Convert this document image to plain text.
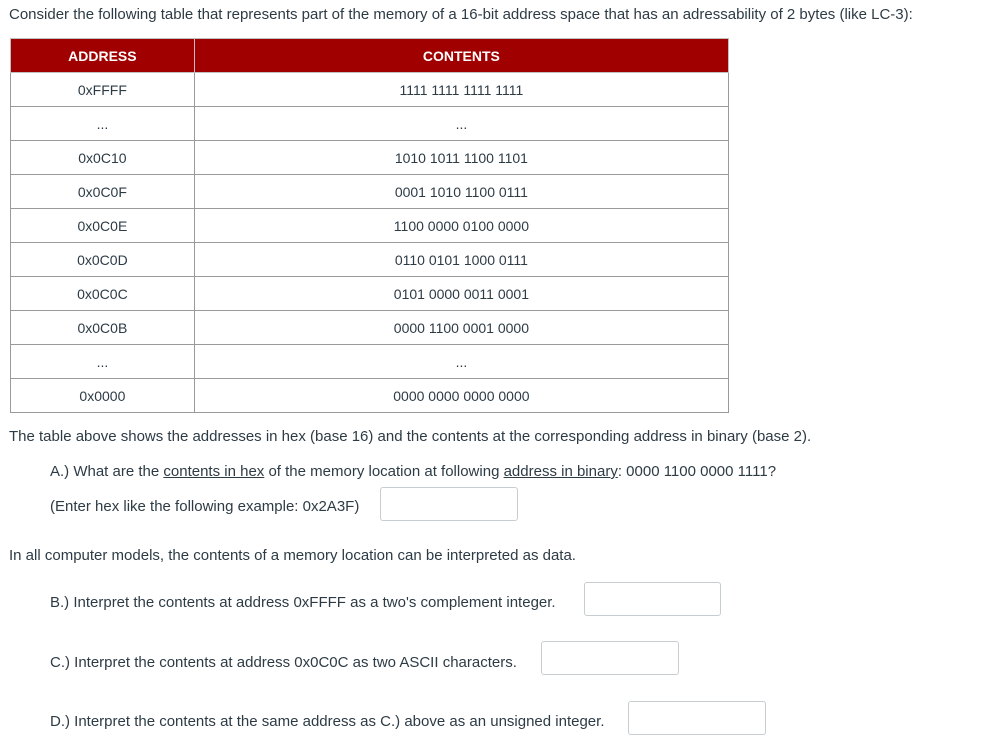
Consider the following table that represents part of the memory of a 16-bit address space that has an adressability of 2 bytes (like LC-3):
ADDRESS	CONTENTS
0xFFFF	1111 1111 1111 1111
...	...
0x0C10	1010 1011 1100 1101
0x0C0F	0001 1010 1100 0111
0x0C0E	1100 0000 0100 0000
0x0C0D	0110 0101 1000 0111
0x0C0C	0101 0000 0011 0001
0x0C0B	0000 1100 0001 0000
...	...
0x0000	0000 0000 0000 0000
The table above shows the addresses in hex (base 16) and the contents at the corresponding address in binary (base 2).
A.) What are the contents in hex of the memory location at following address in binary: 0000 1100 0000 1111?
(Enter hex like the following example: 0x2A3F)
In all computer models, the contents of a memory location can be interpreted as data.
B.) Interpret the contents at address 0xFFFF as a two's complement integer.
C.) Interpret the contents at address 0x0C0C as two ASCII characters.
D.) Interpret the contents at the same address as C.) above as an unsigned integer.
